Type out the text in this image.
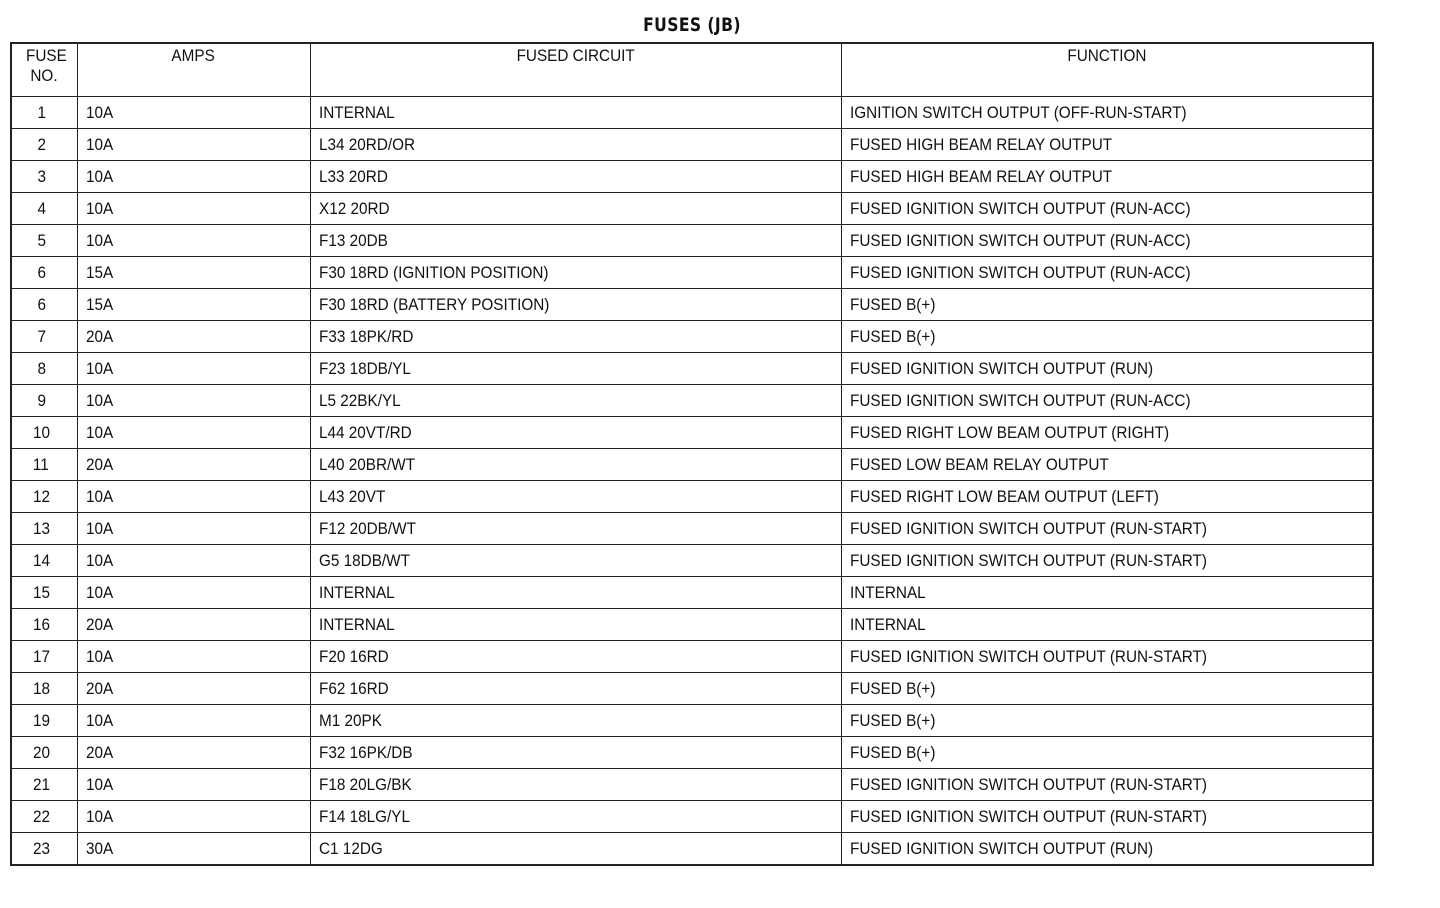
FUSES (JB)
FUSE NO.	AMPS	FUSED CIRCUIT	FUNCTION
1	10A	INTERNAL	IGNITION SWITCH OUTPUT (OFF-RUN-START)
2	10A	L34 20RD/OR	FUSED HIGH BEAM RELAY OUTPUT
3	10A	L33 20RD	FUSED HIGH BEAM RELAY OUTPUT
4	10A	X12 20RD	FUSED IGNITION SWITCH OUTPUT (RUN-ACC)
5	10A	F13 20DB	FUSED IGNITION SWITCH OUTPUT (RUN-ACC)
6	15A	F30 18RD (IGNITION POSITION)	FUSED IGNITION SWITCH OUTPUT (RUN-ACC)
6	15A	F30 18RD (BATTERY POSITION)	FUSED B(+)
7	20A	F33 18PK/RD	FUSED B(+)
8	10A	F23 18DB/YL	FUSED IGNITION SWITCH OUTPUT (RUN)
9	10A	L5 22BK/YL	FUSED IGNITION SWITCH OUTPUT (RUN-ACC)
10	10A	L44 20VT/RD	FUSED RIGHT LOW BEAM OUTPUT (RIGHT)
11	20A	L40 20BR/WT	FUSED LOW BEAM RELAY OUTPUT
12	10A	L43 20VT	FUSED RIGHT LOW BEAM OUTPUT (LEFT)
13	10A	F12 20DB/WT	FUSED IGNITION SWITCH OUTPUT (RUN-START)
14	10A	G5 18DB/WT	FUSED IGNITION SWITCH OUTPUT (RUN-START)
15	10A	INTERNAL	INTERNAL
16	20A	INTERNAL	INTERNAL
17	10A	F20 16RD	FUSED IGNITION SWITCH OUTPUT (RUN-START)
18	20A	F62 16RD	FUSED B(+)
19	10A	M1 20PK	FUSED B(+)
20	20A	F32 16PK/DB	FUSED B(+)
21	10A	F18 20LG/BK	FUSED IGNITION SWITCH OUTPUT (RUN-START)
22	10A	F14 18LG/YL	FUSED IGNITION SWITCH OUTPUT (RUN-START)
23	30A	C1 12DG	FUSED IGNITION SWITCH OUTPUT (RUN)
